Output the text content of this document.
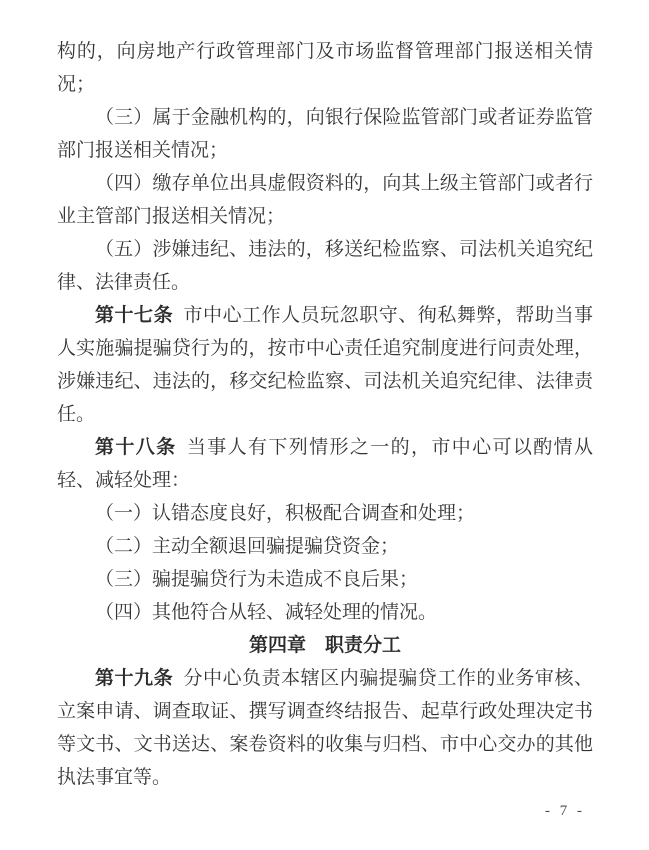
构的，向房地产行政管理部门及市场监督管理部门报送相关情况；

（三）属于金融机构的，向银行保险监管部门或者证券监管部门报送相关情况；

（四）缴存单位出具虚假资料的，向其上级主管部门或者行业主管部门报送相关情况；

（五）涉嫌违纪、违法的，移送纪检监察、司法机关追究纪律、法律责任。

第十七条 市中心工作人员玩忽职守、徇私舞弊，帮助当事人实施骗提骗贷行为的，按市中心责任追究制度进行问责处理，涉嫌违纪、违法的，移交纪检监察、司法机关追究纪律、法律责任。

第十八条 当事人有下列情形之一的，市中心可以酌情从轻、减轻处理：

（一）认错态度良好，积极配合调查和处理；

（二）主动全额退回骗提骗贷资金；

（三）骗提骗贷行为未造成不良后果；

（四）其他符合从轻、减轻处理的情况。

第四章　职责分工

第十九条 分中心负责本辖区内骗提骗贷工作的业务审核、立案申请、调查取证、撰写调查终结报告、起草行政处理决定书等文书、文书送达、案卷资料的收集与归档、市中心交办的其他执法事宜等。

- 7 -
